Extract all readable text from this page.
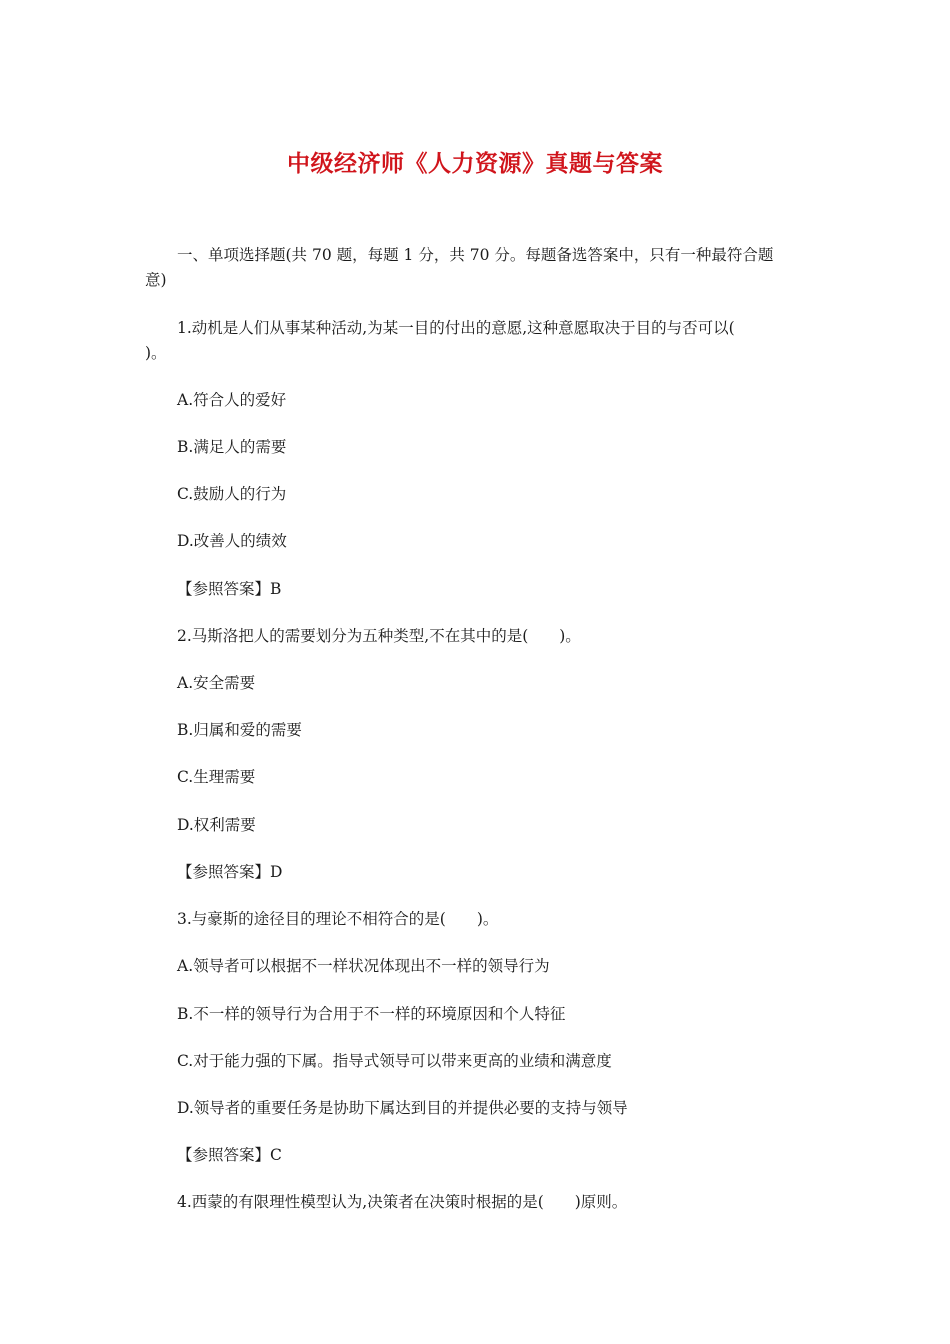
中级经济师《人力资源》真题与答案
一、单项选择题(共 70 题，每题 1 分，共 70 分。每题备选答案中，只有一种最符合题
意)
1.动机是人们从事某种活动,为某一目的付出的意愿,这种意愿取决于目的与否可以(
)。
A.符合人的爱好
B.满足人的需要
C.鼓励人的行为
D.改善人的绩效
【参照答案】B
2.马斯洛把人的需要划分为五种类型,不在其中的是(　　)。
A.安全需要
B.归属和爱的需要
C.生理需要
D.权利需要
【参照答案】D
3.与豪斯的途径目的理论不相符合的是(　　)。
A.领导者可以根据不一样状况体现出不一样的领导行为
B.不一样的领导行为合用于不一样的环境原因和个人特征
C.对于能力强的下属。指导式领导可以带来更高的业绩和满意度
D.领导者的重要任务是协助下属达到目的并提供必要的支持与领导
【参照答案】C
4.西蒙的有限理性模型认为,决策者在决策时根据的是(　　)原则。
